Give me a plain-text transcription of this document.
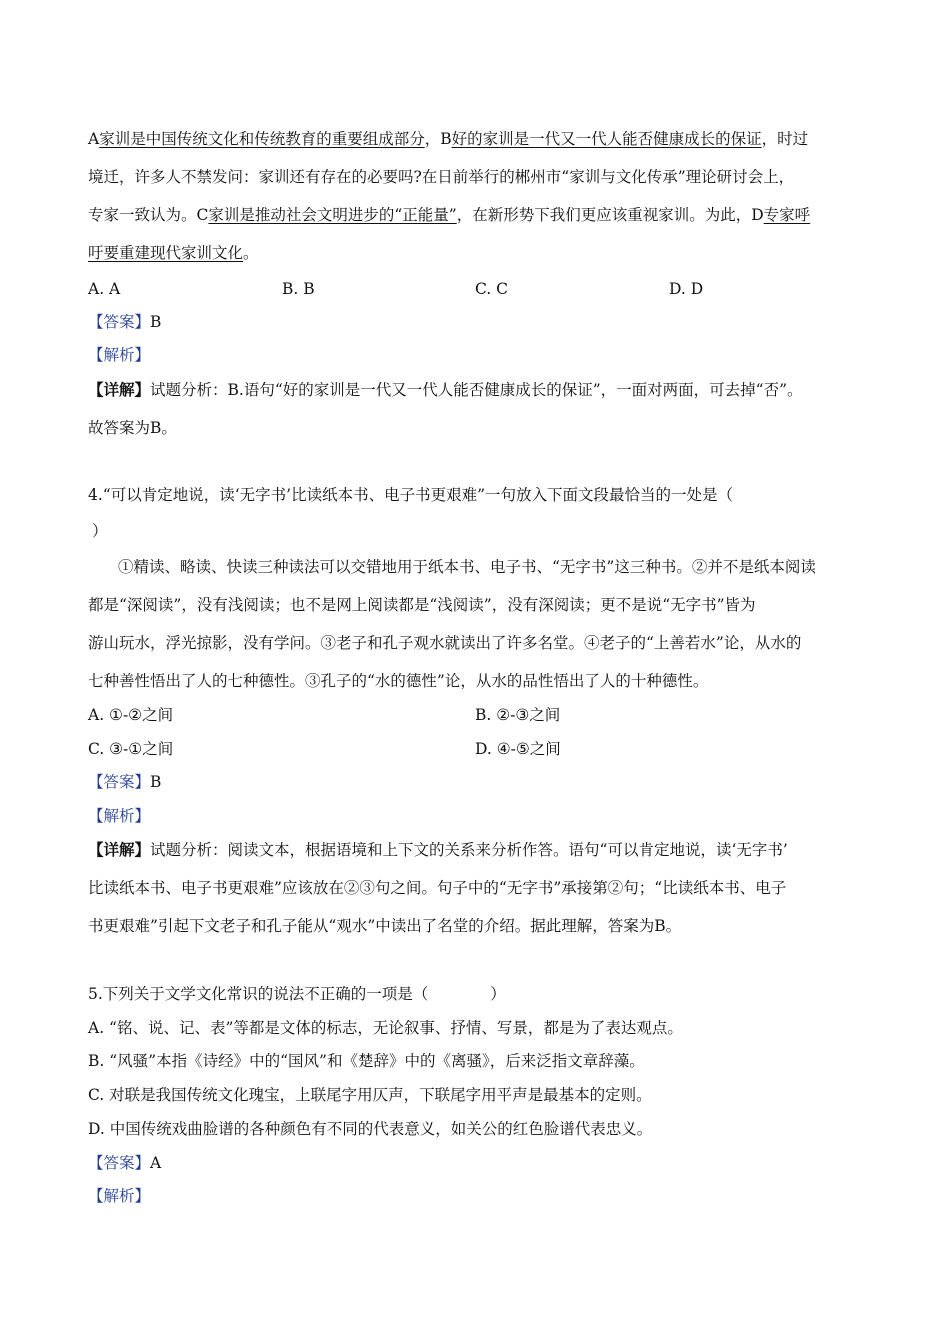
A家训是中国传统文化和传统教育的重要组成部分，B好的家训是一代又一代人能否健康成长的保证，时过
境迁，许多人不禁发问：家训还有存在的必要吗?在日前举行的郴州市“家训与文化传承”理论研讨会上，
专家一致认为。C家训是推动社会文明进步的“正能量”，在新形势下我们更应该重视家训。为此，D专家呼
吁要重建现代家训文化。
A. A	B. B	C. C	D. D
【答案】B
【解析】
【详解】试题分析：B.语句“好的家训是一代又一代人能否健康成长的保证”，一面对两面，可去掉“否”。
故答案为B。
4.“可以肯定地说，读‘无字书’比读纸本书、电子书更艰难”一句放入下面文段最恰当的一处是（
）
①精读、略读、快读三种读法可以交错地用于纸本书、电子书、“无字书”这三种书。②并不是纸本阅读
都是“深阅读”，没有浅阅读；也不是网上阅读都是“浅阅读”，没有深阅读；更不是说“无字书”皆为
游山玩水，浮光掠影，没有学问。③老子和孔子观水就读出了许多名堂。④老子的“上善若水”论，从水的
七种善性悟出了人的七种德性。③孔子的“水的德性”论，从水的品性悟出了人的十种德性。
A. ①-②之间	B. ②-③之间
C. ③-①之间	D. ④-⑤之间
【答案】B
【解析】
【详解】试题分析：阅读文本，根据语境和上下文的关系来分析作答。语句“可以肯定地说，读‘无字书’
比读纸本书、电子书更艰难”应该放在②③句之间。句子中的“无字书”承接第②句；“比读纸本书、电子
书更艰难”引起下文老子和孔子能从“观水”中读出了名堂的介绍。据此理解，答案为B。
5.下列关于文学文化常识的说法不正确的一项是（　　　　）
A. “铭、说、记、表”等都是文体的标志，无论叙事、抒情、写景，都是为了表达观点。
B. “风骚”本指《诗经》中的“国风”和《楚辞》中的《离骚》，后来泛指文章辞藻。
C. 对联是我国传统文化瑰宝，上联尾字用仄声，下联尾字用平声是最基本的定则。
D. 中国传统戏曲脸谱的各种颜色有不同的代表意义，如关公的红色脸谱代表忠义。
【答案】A
【解析】
